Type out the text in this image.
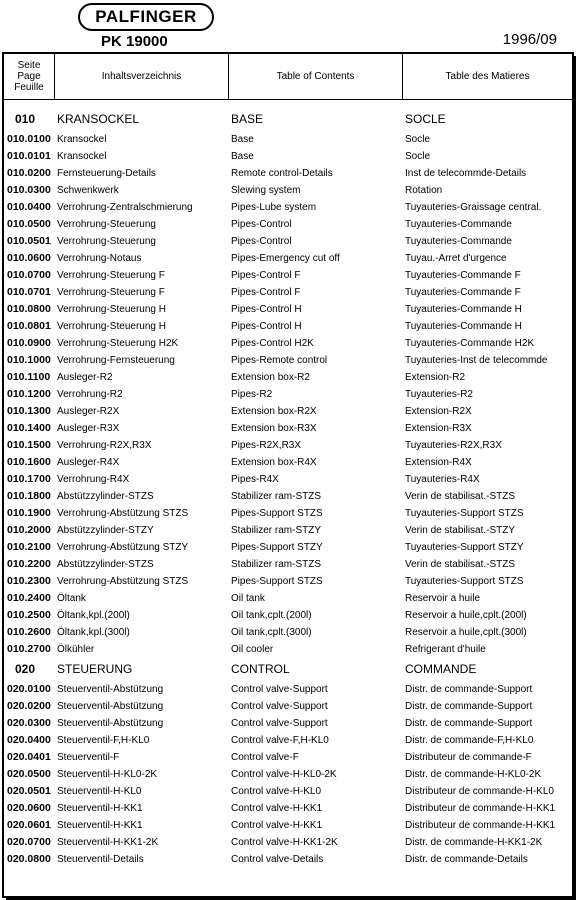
PALFINGER
PK 19000	1996/09
Seite
Page
Feuille
Inhaltsverzeichnis	Table of Contents	Table des Matieres
010 KRANSOCKEL	BASE	SOCLE
010.0100 Kransockel	Base	Socle
010.0101 Kransockel	Base	Socle
010.0200 Fernsteuerung-Details	Remote control-Details	Inst de telecommde-Details
010.0300 Schwenkwerk	Slewing system	Rotation
010.0400 Verrohrung-Zentralschmierung	Pipes-Lube system	Tuyauteries-Graissage central.
010.0500 Verrohrung-Steuerung	Pipes-Control	Tuyauteries-Commande
010.0501 Verrohrung-Steuerung	Pipes-Control	Tuyauteries-Commande
010.0600 Verrohrung-Notaus	Pipes-Emergency cut off	Tuyau.-Arret d'urgence
010.0700 Verrohrung-Steuerung F	Pipes-Control F	Tuyauteries-Commande F
010.0701 Verrohrung-Steuerung F	Pipes-Control F	Tuyauteries-Commande F
010.0800 Verrohrung-Steuerung H	Pipes-Control H	Tuyauteries-Commande H
010.0801 Verrohrung-Steuerung H	Pipes-Control H	Tuyauteries-Commande H
010.0900 Verrohrung-Steuerung H2K	Pipes-Control H2K	Tuyauteries-Commande H2K
010.1000 Verrohrung-Fernsteuerung	Pipes-Remote control	Tuyauteries-Inst de telecommde
010.1100 Ausleger-R2	Extension box-R2	Extension-R2
010.1200 Verrohrung-R2	Pipes-R2	Tuyauteries-R2
010.1300 Ausleger-R2X	Extension box-R2X	Extension-R2X
010.1400 Ausleger-R3X	Extension box-R3X	Extension-R3X
010.1500 Verrohrung-R2X,R3X	Pipes-R2X,R3X	Tuyauteries-R2X,R3X
010.1600 Ausleger-R4X	Extension box-R4X	Extension-R4X
010.1700 Verrohrung-R4X	Pipes-R4X	Tuyauteries-R4X
010.1800 Abstützzylinder-STZS	Stabilizer ram-STZS	Verin de stabilisat.-STZS
010.1900 Verrohrung-Abstützung STZS	Pipes-Support STZS	Tuyauteries-Support STZS
010.2000 Abstützzylinder-STZY	Stabilizer ram-STZY	Verin de stabilisat.-STZY
010.2100 Verrohrung-Abstützung STZY	Pipes-Support STZY	Tuyauteries-Support STZY
010.2200 Abstützzylinder-STZS	Stabilizer ram-STZS	Verin de stabilisat.-STZS
010.2300 Verrohrung-Abstützung STZS	Pipes-Support STZS	Tuyauteries-Support STZS
010.2400 Öltank	Oil tank	Reservoir a huile
010.2500 Öltank,kpl.(200l)	Oil tank,cplt.(200l)	Reservoir a huile,cplt.(200l)
010.2600 Öltank,kpl.(300l)	Oil tank,cplt.(300l)	Reservoir a huile,cplt.(300l)
010.2700 Ölkühler	Oil cooler	Refrigerant d'huile
020 STEUERUNG	CONTROL	COMMANDE
020.0100 Steuerventil-Abstützung	Control valve-Support	Distr. de commande-Support
020.0200 Steuerventil-Abstützung	Control valve-Support	Distr. de commande-Support
020.0300 Steuerventil-Abstützung	Control valve-Support	Distr. de commande-Support
020.0400 Steuerventil-F,H-KL0	Control valve-F,H-KL0	Distr. de commande-F,H-KL0
020.0401 Steuerventil-F	Control valve-F	Distributeur de commande-F
020.0500 Steuerventil-H-KL0-2K	Control valve-H-KL0-2K	Distr. de commande-H-KL0-2K
020.0501 Steuerventil-H-KL0	Control valve-H-KL0	Distributeur de commande-H-KL0
020.0600 Steuerventil-H-KK1	Control valve-H-KK1	Distributeur de commande-H-KK1
020.0601 Steuerventil-H-KK1	Control valve-H-KK1	Distributeur de commande-H-KK1
020.0700 Steuerventil-H-KK1-2K	Control valve-H-KK1-2K	Distr. de commande-H-KK1-2K
020.0800 Steuerventil-Details	Control valve-Details	Distr. de commande-Details
